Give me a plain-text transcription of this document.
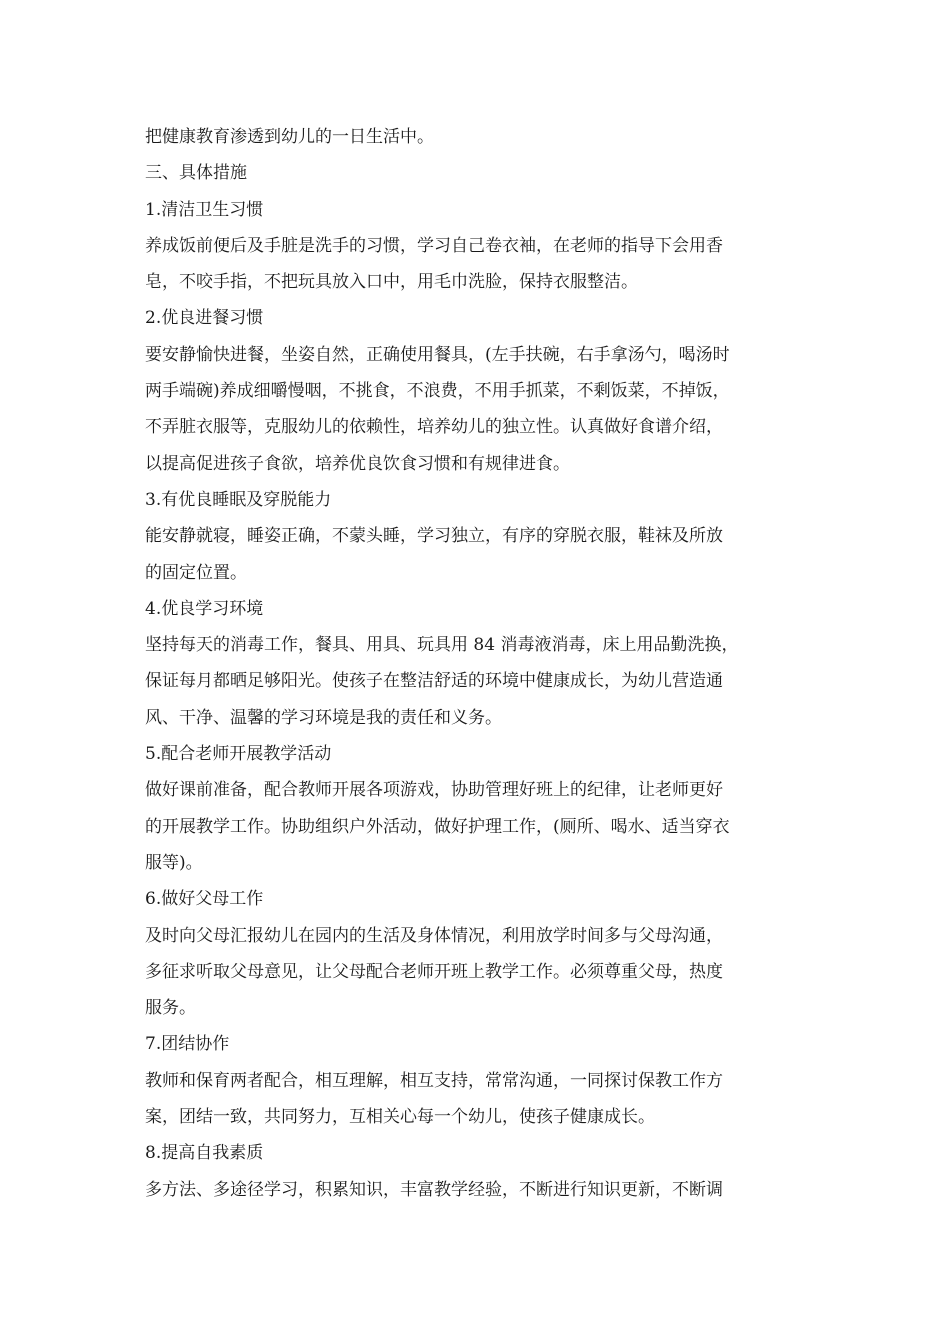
把健康教育渗透到幼儿的一日生活中。
三、具体措施
1.清洁卫生习惯
养成饭前便后及手脏是洗手的习惯，学习自己卷衣袖，在老师的指导下会用香
皂，不咬手指，不把玩具放入口中，用毛巾洗脸，保持衣服整洁。
2.优良进餐习惯
要安静愉快进餐，坐姿自然，正确使用餐具，(左手扶碗，右手拿汤勺，喝汤时
两手端碗)养成细嚼慢咽，不挑食，不浪费，不用手抓菜，不剩饭菜，不掉饭，
不弄脏衣服等，克服幼儿的依赖性，培养幼儿的独立性。认真做好食谱介绍，
以提高促进孩子食欲，培养优良饮食习惯和有规律进食。
3.有优良睡眠及穿脱能力
能安静就寝，睡姿正确，不蒙头睡，学习独立，有序的穿脱衣服，鞋袜及所放
的固定位置。
4.优良学习环境
坚持每天的消毒工作，餐具、用具、玩具用 84 消毒液消毒，床上用品勤洗换，
保证每月都晒足够阳光。使孩子在整洁舒适的环境中健康成长，为幼儿营造通
风、干净、温馨的学习环境是我的责任和义务。
5.配合老师开展教学活动
做好课前准备，配合教师开展各项游戏，协助管理好班上的纪律，让老师更好
的开展教学工作。协助组织户外活动，做好护理工作，(厕所、喝水、适当穿衣
服等)。
6.做好父母工作
及时向父母汇报幼儿在园内的生活及身体情况，利用放学时间多与父母沟通，
多征求听取父母意见，让父母配合老师开班上教学工作。必须尊重父母，热度
服务。
7.团结协作
教师和保育两者配合，相互理解，相互支持，常常沟通，一同探讨保教工作方
案，团结一致，共同努力，互相关心每一个幼儿，使孩子健康成长。
8.提高自我素质
多方法、多途径学习，积累知识，丰富教学经验，不断进行知识更新，不断调
